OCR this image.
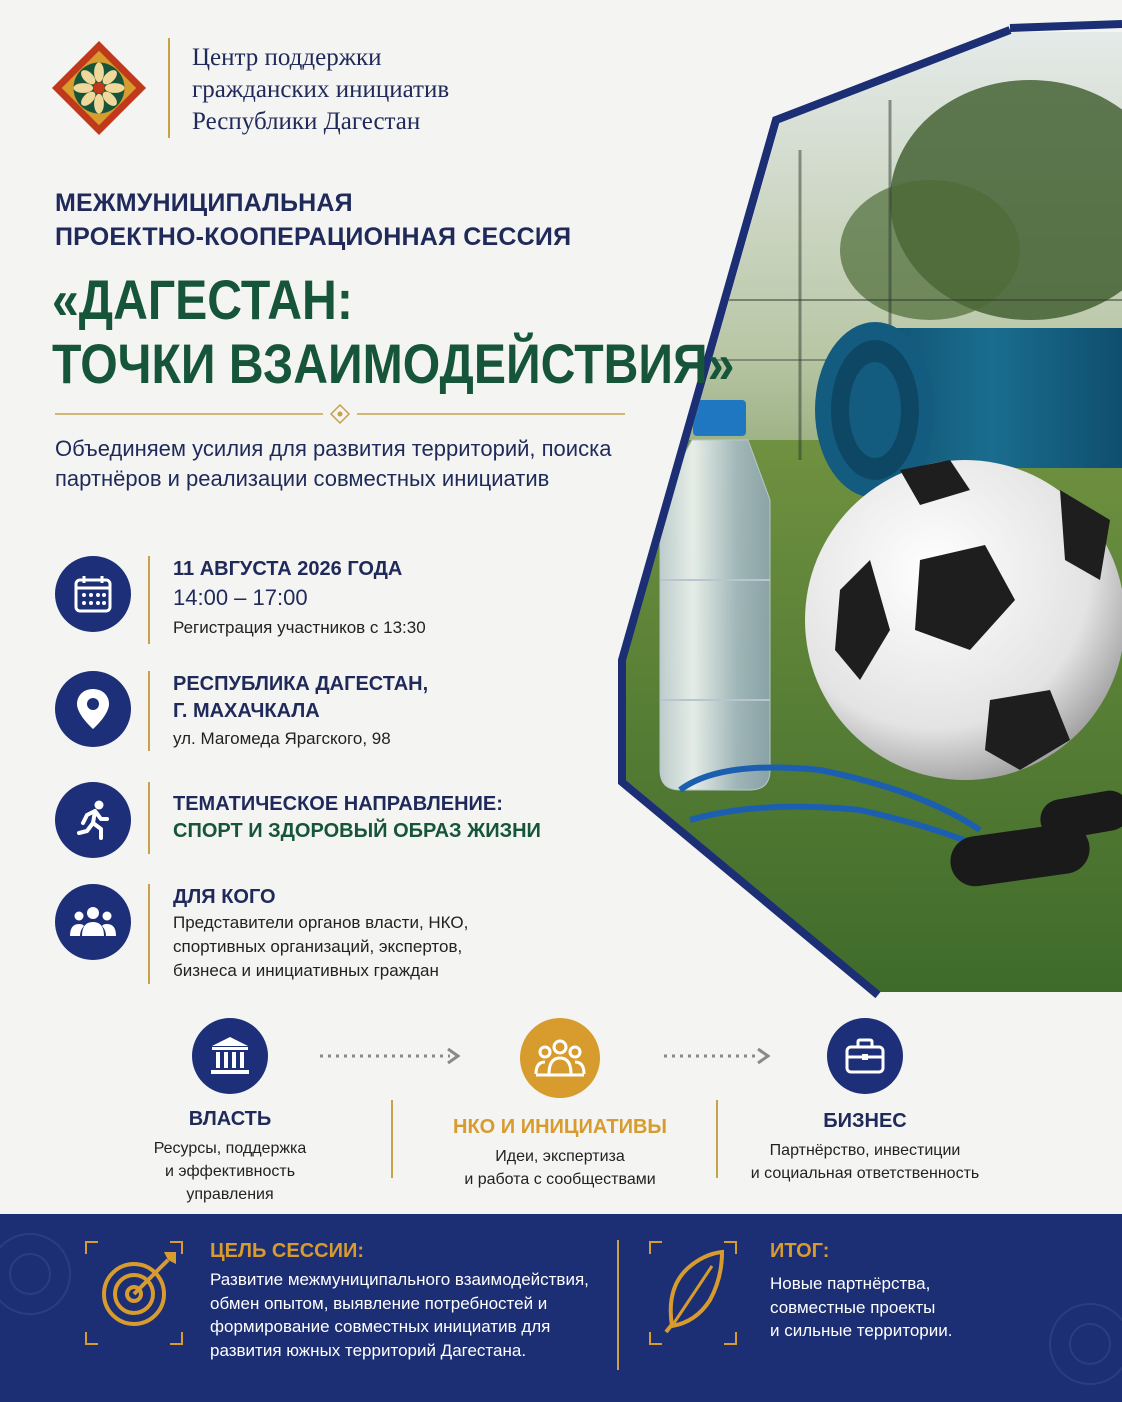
Центр поддержки
гражданских инициатив
Республики Дагестан
МЕЖМУНИЦИПАЛЬНАЯ
ПРОЕКТНО-КООПЕРАЦИОННАЯ СЕССИЯ
«ДАГЕСТАН:
ТОЧКИ ВЗАИМОДЕЙСТВИЯ»
Объединяем усилия для развития территорий, поиска партнёров и реализации совместных инициатив
11 АВГУСТА 2026 ГОДА
14:00 – 17:00
Регистрация участников с 13:30
РЕСПУБЛИКА ДАГЕСТАН,
Г. МАХАЧКАЛА
ул. Магомеда Ярагского, 98
ТЕМАТИЧЕСКОЕ НАПРАВЛЕНИЕ:
СПОРТ И ЗДОРОВЫЙ ОБРАЗ ЖИЗНИ
ДЛЯ КОГО
Представители органов власти, НКО,
спортивных организаций, экспертов,
бизнеса и инициативных граждан
ВЛАСТЬ
Ресурсы, поддержка
и эффективность
управления
НКО И ИНИЦИАТИВЫ
Идеи, экспертиза
и работа с сообществами
БИЗНЕС
Партнёрство, инвестиции
и социальная ответственность
ЦЕЛЬ СЕССИИ:
Развитие межмуниципального взаимодействия,
обмен опытом, выявление потребностей и
формирование совместных инициатив для
развития южных территорий Дагестана.
ИТОГ:
Новые партнёрства,
совместные проекты
и сильные территории.
